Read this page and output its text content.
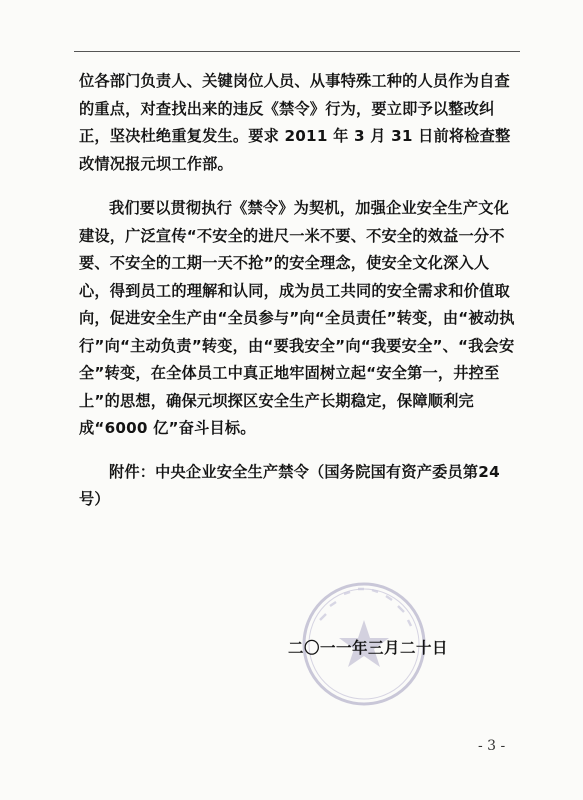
位各部门负责人、关键岗位人员、从事特殊工种的人员作为自查的重点，对查找出来的违反《禁令》行为，要立即予以整改纠正，坚决杜绝重复发生。要求 2011 年 3 月 31 日前将检查整改情况报元坝工作部。

我们要以贯彻执行《禁令》为契机，加强企业安全生产文化建设，广泛宣传“不安全的进尺一米不要、不安全的效益一分不要、不安全的工期一天不抢”的安全理念，使安全文化深入人心，得到员工的理解和认同，成为员工共同的安全需求和价值取向，促进安全生产由“全员参与”向“全员责任”转变，由“被动执行”向“主动负责”转变，由“要我安全”向“我要安全”、“我会安全”转变，在全体员工中真正地牢固树立起“安全第一，井控至上”的思想，确保元坝探区安全生产长期稳定，保障顺利完成“6000 亿”奋斗目标。

附件：中央企业安全生产禁令（国务院国有资产委员第24号）

二〇一一年三月二十日
- 3 -
